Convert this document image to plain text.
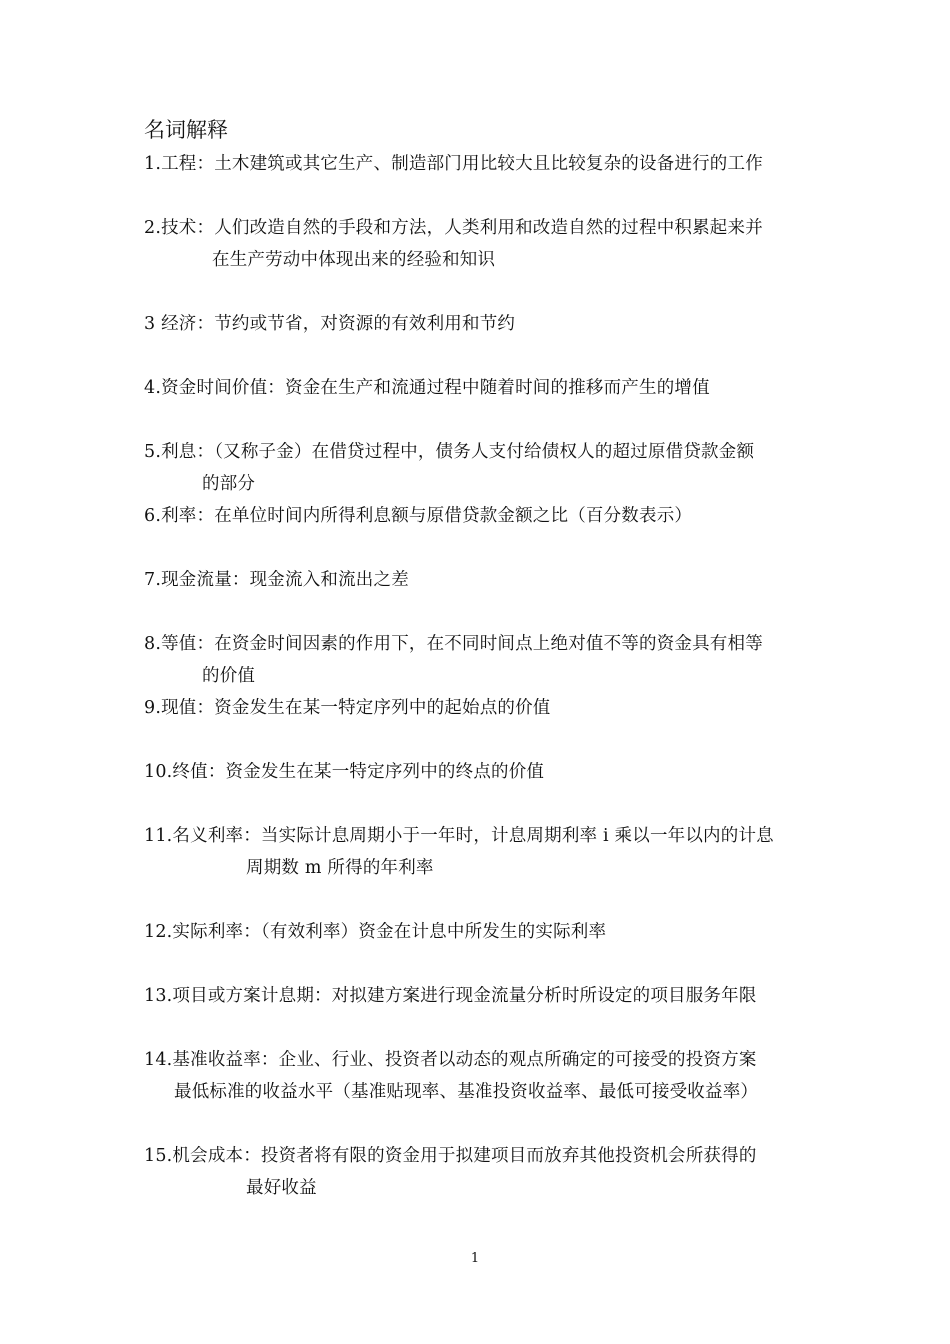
名词解释
1.工程：土木建筑或其它生产、制造部门用比较大且比较复杂的设备进行的工作
2.技术：人们改造自然的手段和方法，人类利用和改造自然的过程中积累起来并
在生产劳动中体现出来的经验和知识
3 经济：节约或节省，对资源的有效利用和节约
4.资金时间价值：资金在生产和流通过程中随着时间的推移而产生的增值
5.利息：（又称子金）在借贷过程中，债务人支付给债权人的超过原借贷款金额
的部分
6.利率：在单位时间内所得利息额与原借贷款金额之比（百分数表示）
7.现金流量：现金流入和流出之差
8.等值：在资金时间因素的作用下，在不同时间点上绝对值不等的资金具有相等
的价值
9.现值：资金发生在某一特定序列中的起始点的价值
10.终值：资金发生在某一特定序列中的终点的价值
11.名义利率：当实际计息周期小于一年时，计息周期利率 i 乘以一年以内的计息
周期数 m 所得的年利率
12.实际利率：（有效利率）资金在计息中所发生的实际利率
13.项目或方案计息期：对拟建方案进行现金流量分析时所设定的项目服务年限
14.基准收益率：企业、行业、投资者以动态的观点所确定的可接受的投资方案
最低标准的收益水平（基准贴现率、基准投资收益率、最低可接受收益率）
15.机会成本：投资者将有限的资金用于拟建项目而放弃其他投资机会所获得的
最好收益
1
